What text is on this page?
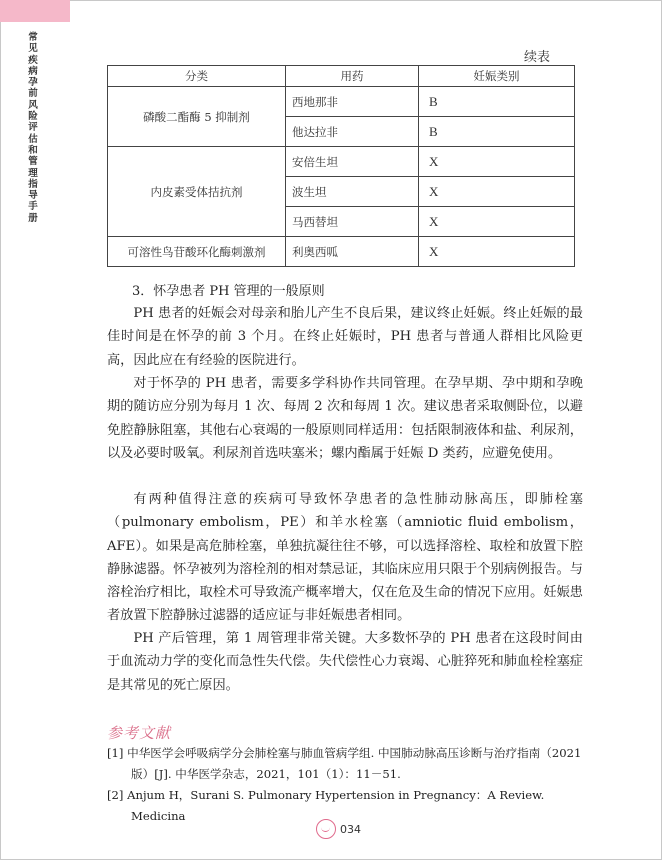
常见疾病孕前风险评估和管理指导手册
续表
分类	用药	妊娠类别
磷酸二酯酶 5 抑制剂	西地那非	B
	他达拉非	B
内皮素受体拮抗剂	安倍生坦	X
	波生坦	X
	马西替坦	X
可溶性鸟苷酸环化酶刺激剂	利奥西呱	X
3．怀孕患者 PH 管理的一般原则

PH 患者的妊娠会对母亲和胎儿产生不良后果，建议终止妊娠。终止妊娠的最佳时间是在怀孕的前 3 个月。在终止妊娠时，PH 患者与普通人群相比风险更高，因此应在有经验的医院进行。

对于怀孕的 PH 患者，需要多学科协作共同管理。在孕早期、孕中期和孕晚期的随访应分别为每月 1 次、每周 2 次和每周 1 次。建议患者采取侧卧位，以避免腔静脉阻塞，其他右心衰竭的一般原则同样适用：包括限制液体和盐、利尿剂，以及必要时吸氧。利尿剂首选呋塞米；螺内酯属于妊娠 D 类药，应避免使用。

有两种值得注意的疾病可导致怀孕患者的急性肺动脉高压，即肺栓塞（pulmonary embolism，PE）和羊水栓塞（amniotic fluid embolism，AFE）。如果是高危肺栓塞，单独抗凝往往不够，可以选择溶栓、取栓和放置下腔静脉滤器。怀孕被列为溶栓剂的相对禁忌证，其临床应用只限于个别病例报告。与溶栓治疗相比，取栓术可导致流产概率增大，仅在危及生命的情况下应用。妊娠患者放置下腔静脉过滤器的适应证与非妊娠患者相同。

PH 产后管理，第 1 周管理非常关键。大多数怀孕的 PH 患者在这段时间由于血流动力学的变化而急性失代偿。失代偿性心力衰竭、心脏猝死和肺血栓栓塞症是其常见的死亡原因。

参考文献

[1] 中华医学会呼吸病学分会肺栓塞与肺血管病学组. 中国肺动脉高压诊断与治疗指南（2021 版）[J]. 中华医学杂志，2021，101（1）：11－51.

[2] Anjum H，Surani S. Pulmonary Hypertension in Pregnancy：A Review. Medicina

034
